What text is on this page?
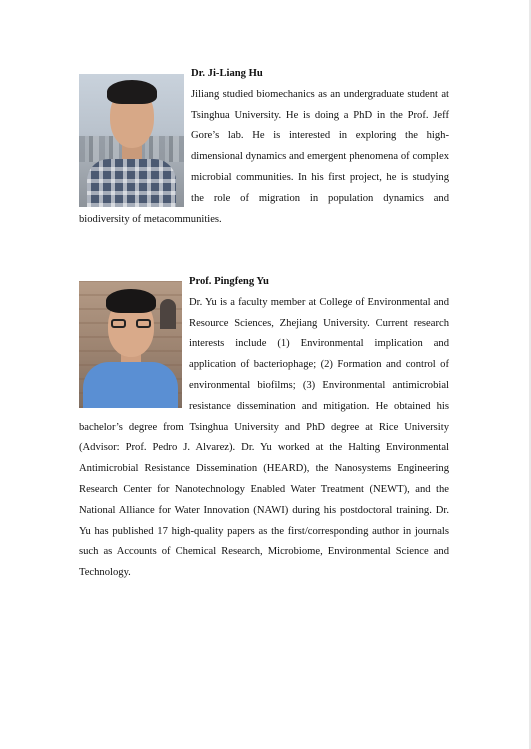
Dr. Ji-Liang Hu
Jiliang studied biomechanics as an undergraduate student at Tsinghua University. He is doing a PhD in the Prof. Jeff Gore’s lab. He is interested in exploring the high-dimensional dynamics and emergent phenomena of complex microbial communities. In his first project, he is studying the role of migration in population dynamics and biodiversity of metacommunities.
Prof. Pingfeng Yu
Dr. Yu is a faculty member at College of Environmental and Resource Sciences, Zhejiang University. Current research interests include (1) Environmental implication and application of bacteriophage; (2) Formation and control of environmental biofilms; (3) Environmental antimicrobial resistance dissemination and mitigation. He obtained his bachelor’s degree from Tsinghua University and PhD degree at Rice University (Advisor: Prof. Pedro J. Alvarez). Dr. Yu worked at the Halting Environmental Antimicrobial Resistance Dissemination (HEARD), the Nanosystems Engineering Research Center for Nanotechnology Enabled Water Treatment (NEWT), and the National Alliance for Water Innovation (NAWI) during his postdoctoral training. Dr. Yu has published 17 high-quality papers as the first/corresponding author in journals such as Accounts of Chemical Research, Microbiome, Environmental Science and Technology.
